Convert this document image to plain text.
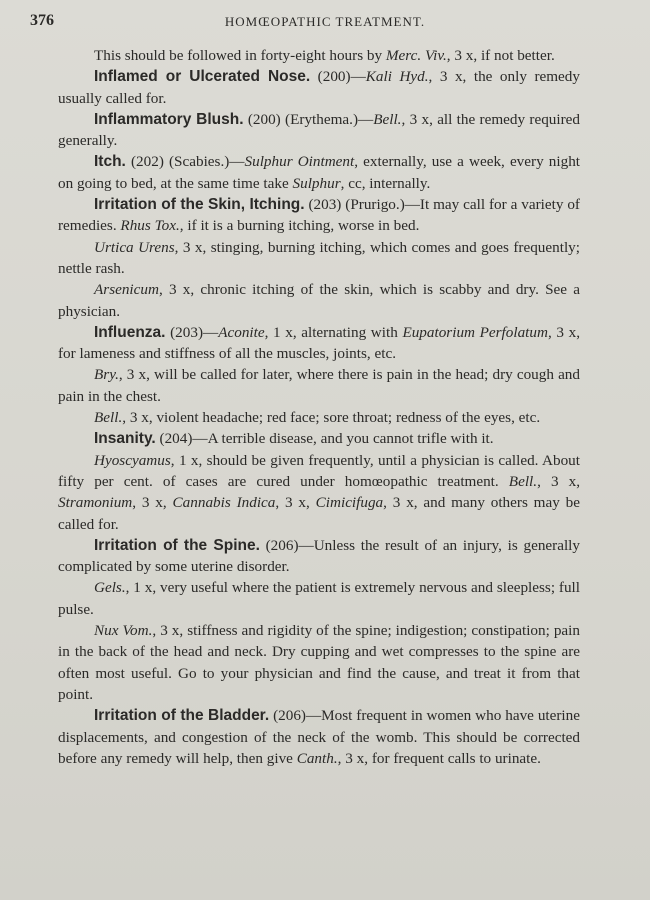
376	HOMŒOPATHIC TREATMENT.

This should be followed in forty-eight hours by Merc. Viv., 3 x, if not better.

Inflamed or Ulcerated Nose. (200)—Kali Hyd., 3 x, the only remedy usually called for.

Inflammatory Blush. (200) (Erythema.)—Bell., 3 x, all the remedy required generally.

Itch. (202) (Scabies.)—Sulphur Ointment, externally, use a week, every night on going to bed, at the same time take Sulphur, cc, internally.

Irritation of the Skin, Itching. (203) (Prurigo.)—It may call for a variety of remedies. Rhus Tox., if it is a burning itching, worse in bed.

Urtica Urens, 3 x, stinging, burning itching, which comes and goes frequently; nettle rash.

Arsenicum, 3 x, chronic itching of the skin, which is scabby and dry. See a physician.

Influenza. (203)—Aconite, 1 x, alternating with Eupatorium Perfolatum, 3 x, for lameness and stiffness of all the muscles, joints, etc.

Bry., 3 x, will be called for later, where there is pain in the head; dry cough and pain in the chest.

Bell., 3 x, violent headache; red face; sore throat; redness of the eyes, etc.

Insanity. (204)—A terrible disease, and you cannot trifle with it.

Hyoscyamus, 1 x, should be given frequently, until a physician is called. About fifty per cent. of cases are cured under homœopathic treatment. Bell., 3 x, Stramonium, 3 x, Cannabis Indica, 3 x, Cimicifuga, 3 x, and many others may be called for.

Irritation of the Spine. (206)—Unless the result of an injury, is generally complicated by some uterine disorder.

Gels., 1 x, very useful where the patient is extremely nervous and sleepless; full pulse.

Nux Vom., 3 x, stiffness and rigidity of the spine; indigestion; constipation; pain in the back of the head and neck. Dry cupping and wet compresses to the spine are often most useful. Go to your physician and find the cause, and treat it from that point.

Irritation of the Bladder. (206)—Most frequent in women who have uterine displacements, and congestion of the neck of the womb. This should be corrected before any remedy will help, then give Canth., 3 x, for frequent calls to urinate.
